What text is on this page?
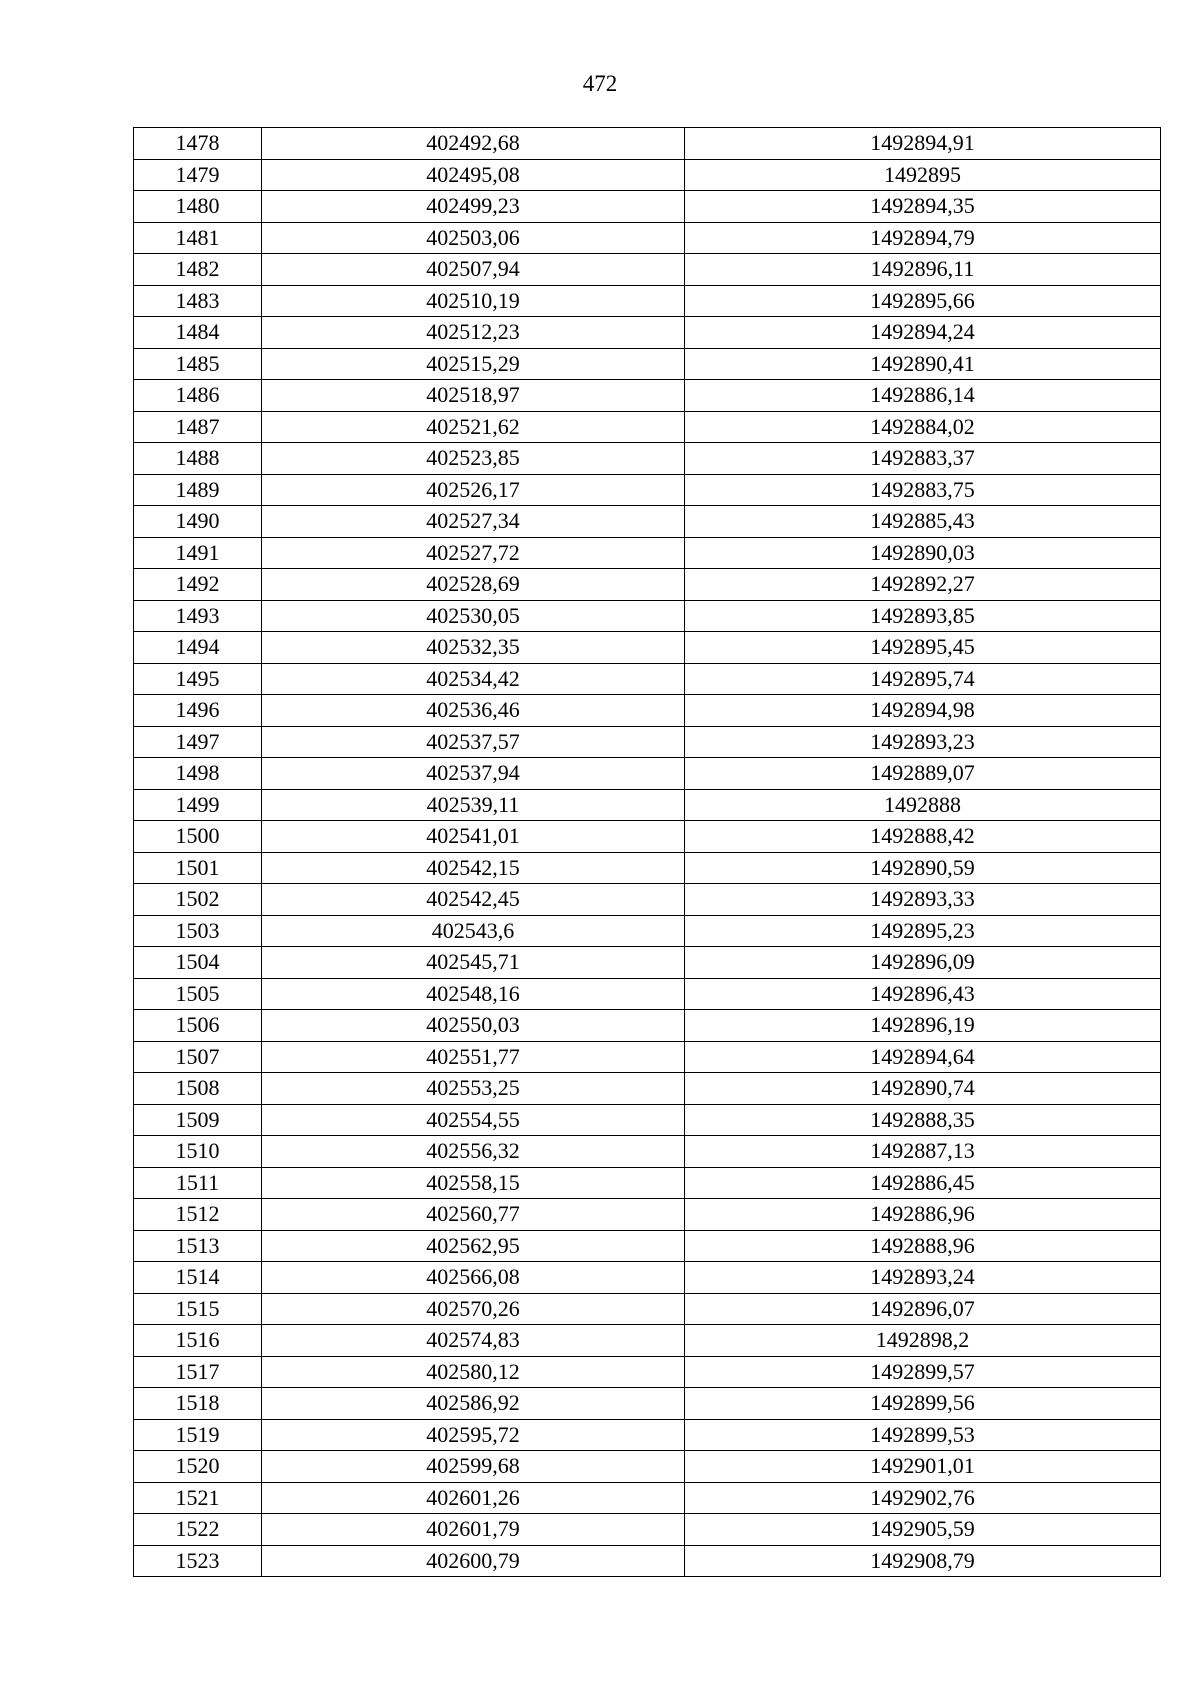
472
1478	402492,68	1492894,91
1479	402495,08	1492895
1480	402499,23	1492894,35
1481	402503,06	1492894,79
1482	402507,94	1492896,11
1483	402510,19	1492895,66
1484	402512,23	1492894,24
1485	402515,29	1492890,41
1486	402518,97	1492886,14
1487	402521,62	1492884,02
1488	402523,85	1492883,37
1489	402526,17	1492883,75
1490	402527,34	1492885,43
1491	402527,72	1492890,03
1492	402528,69	1492892,27
1493	402530,05	1492893,85
1494	402532,35	1492895,45
1495	402534,42	1492895,74
1496	402536,46	1492894,98
1497	402537,57	1492893,23
1498	402537,94	1492889,07
1499	402539,11	1492888
1500	402541,01	1492888,42
1501	402542,15	1492890,59
1502	402542,45	1492893,33
1503	402543,6	1492895,23
1504	402545,71	1492896,09
1505	402548,16	1492896,43
1506	402550,03	1492896,19
1507	402551,77	1492894,64
1508	402553,25	1492890,74
1509	402554,55	1492888,35
1510	402556,32	1492887,13
1511	402558,15	1492886,45
1512	402560,77	1492886,96
1513	402562,95	1492888,96
1514	402566,08	1492893,24
1515	402570,26	1492896,07
1516	402574,83	1492898,2
1517	402580,12	1492899,57
1518	402586,92	1492899,56
1519	402595,72	1492899,53
1520	402599,68	1492901,01
1521	402601,26	1492902,76
1522	402601,79	1492905,59
1523	402600,79	1492908,79
